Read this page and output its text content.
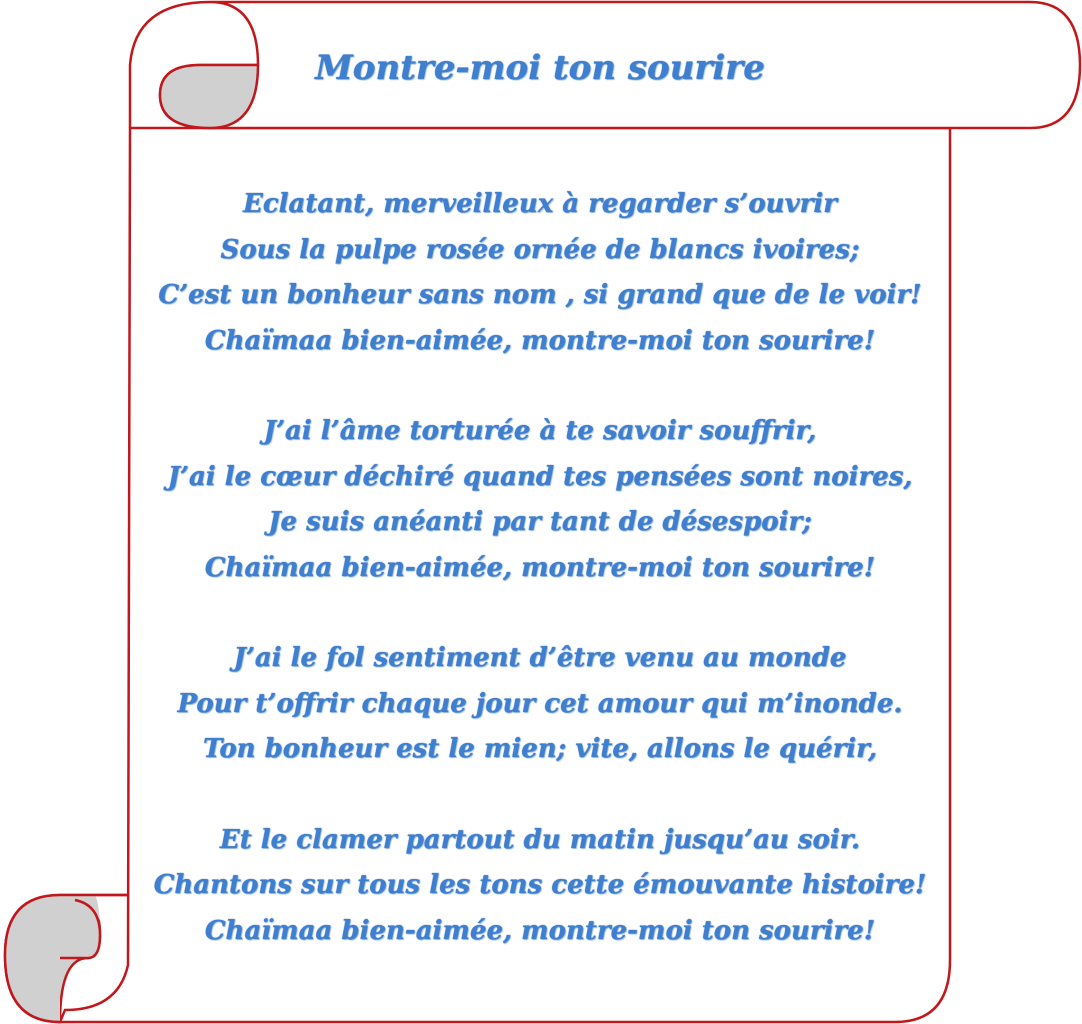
Montre-moi ton sourire
Eclatant, merveilleux à regarder s’ouvrir
Sous la pulpe rosée ornée de blancs ivoires;
C’est un bonheur sans nom , si grand que de le voir!
Chaïmaa bien-aimée, montre-moi ton sourire!
J’ai l’âme torturée à te savoir souffrir,
J’ai le cœur déchiré quand tes pensées sont noires,
Je suis anéanti par tant de désespoir;
Chaïmaa bien-aimée, montre-moi ton sourire!
J’ai le fol sentiment d’être venu au monde
Pour t’offrir chaque jour cet amour qui m’inonde.
Ton bonheur est le mien; vite, allons le quérir,
Et le clamer partout du matin jusqu’au soir.
Chantons sur tous les tons cette émouvante histoire!
Chaïmaa bien-aimée, montre-moi ton sourire!
